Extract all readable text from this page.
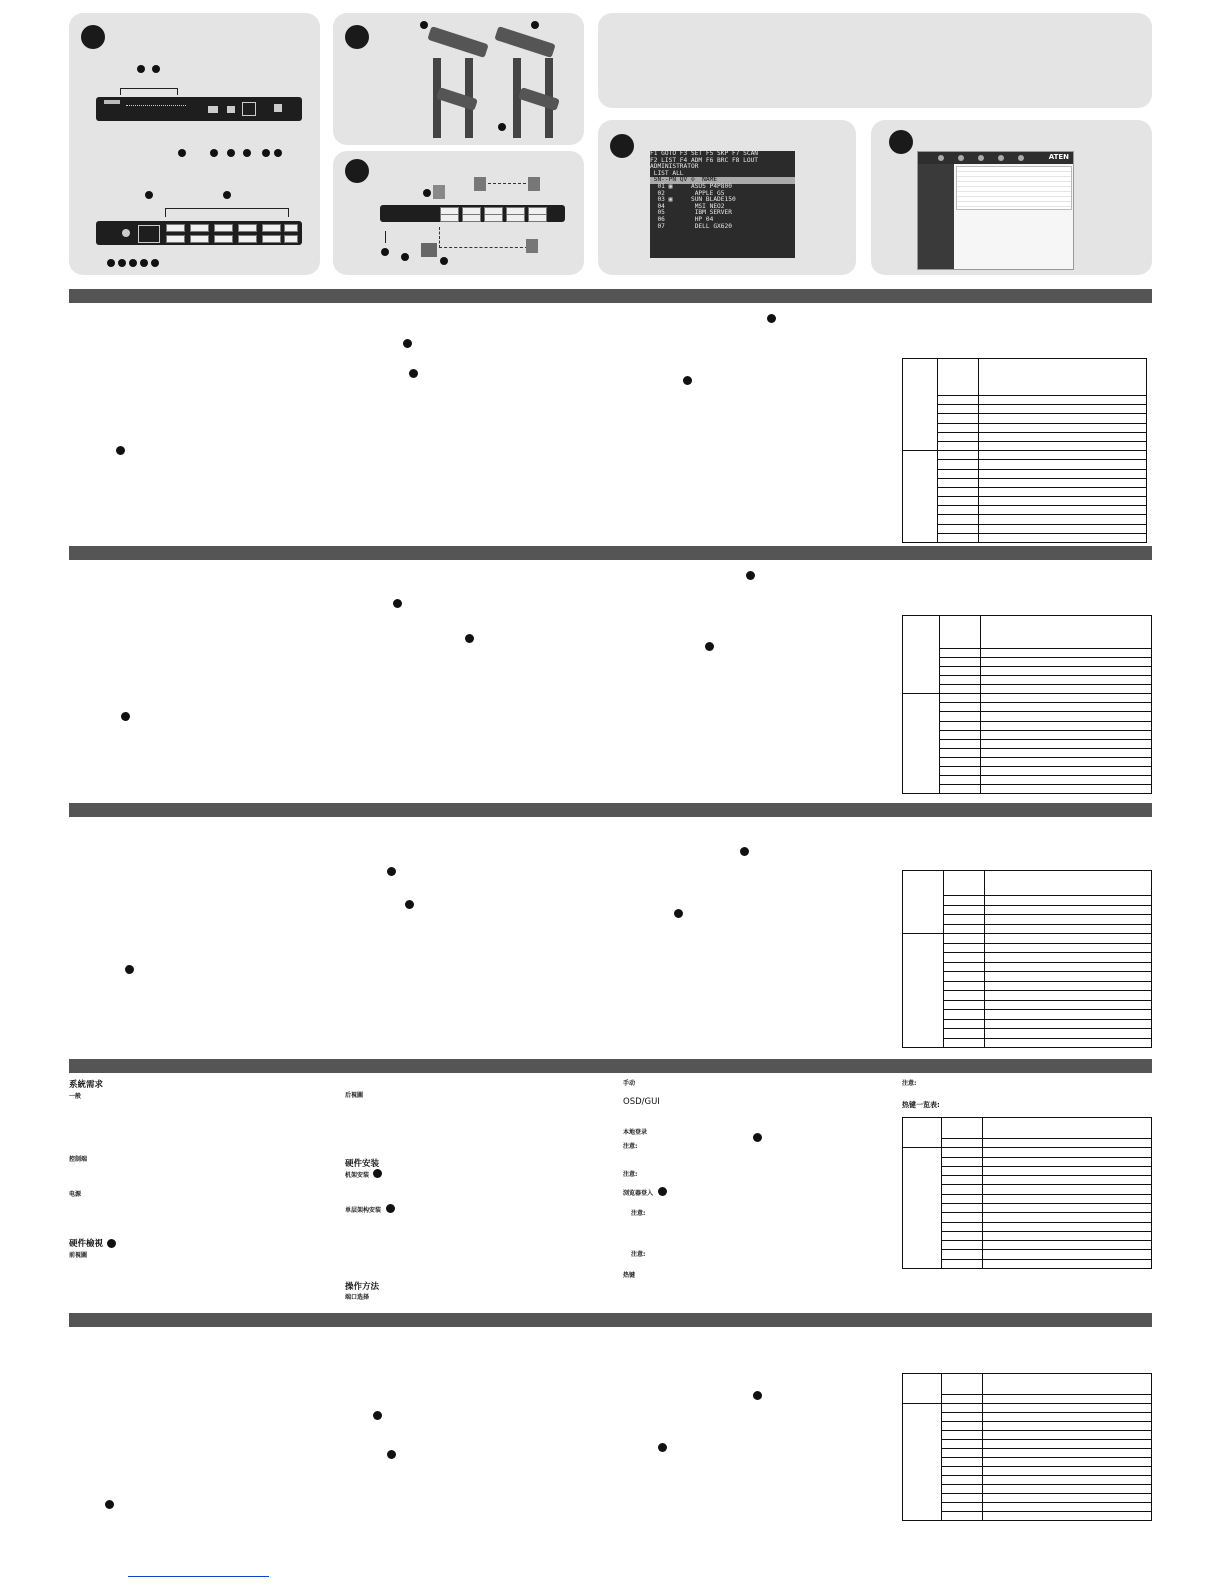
F1 GOTO F3 SET F5 SKP F7 SCAN
F2 LIST F4 ADM F6 BRC F8 LOUT
ADMINISTRATOR
LIST ALL
SN--PN QV ⊙  NAME
01 ▣     ASUS P4P800
02        APPLE G5
03 ▣     SUN BLADE150
04        MSI NEO2
05        IBM SERVER
06        HP 04
07        DELL GX620
ATEN

系統需求
一般
控制端
电源
硬件檢視
前視圖
后視圖
硬件安装
机架安装
单层架构安装
操作方法
端口选择
手动
OSD/GUI
本地登录
注意:
注意:
浏览器登入
注意:
注意:
热键
注意:
热键一览表:
